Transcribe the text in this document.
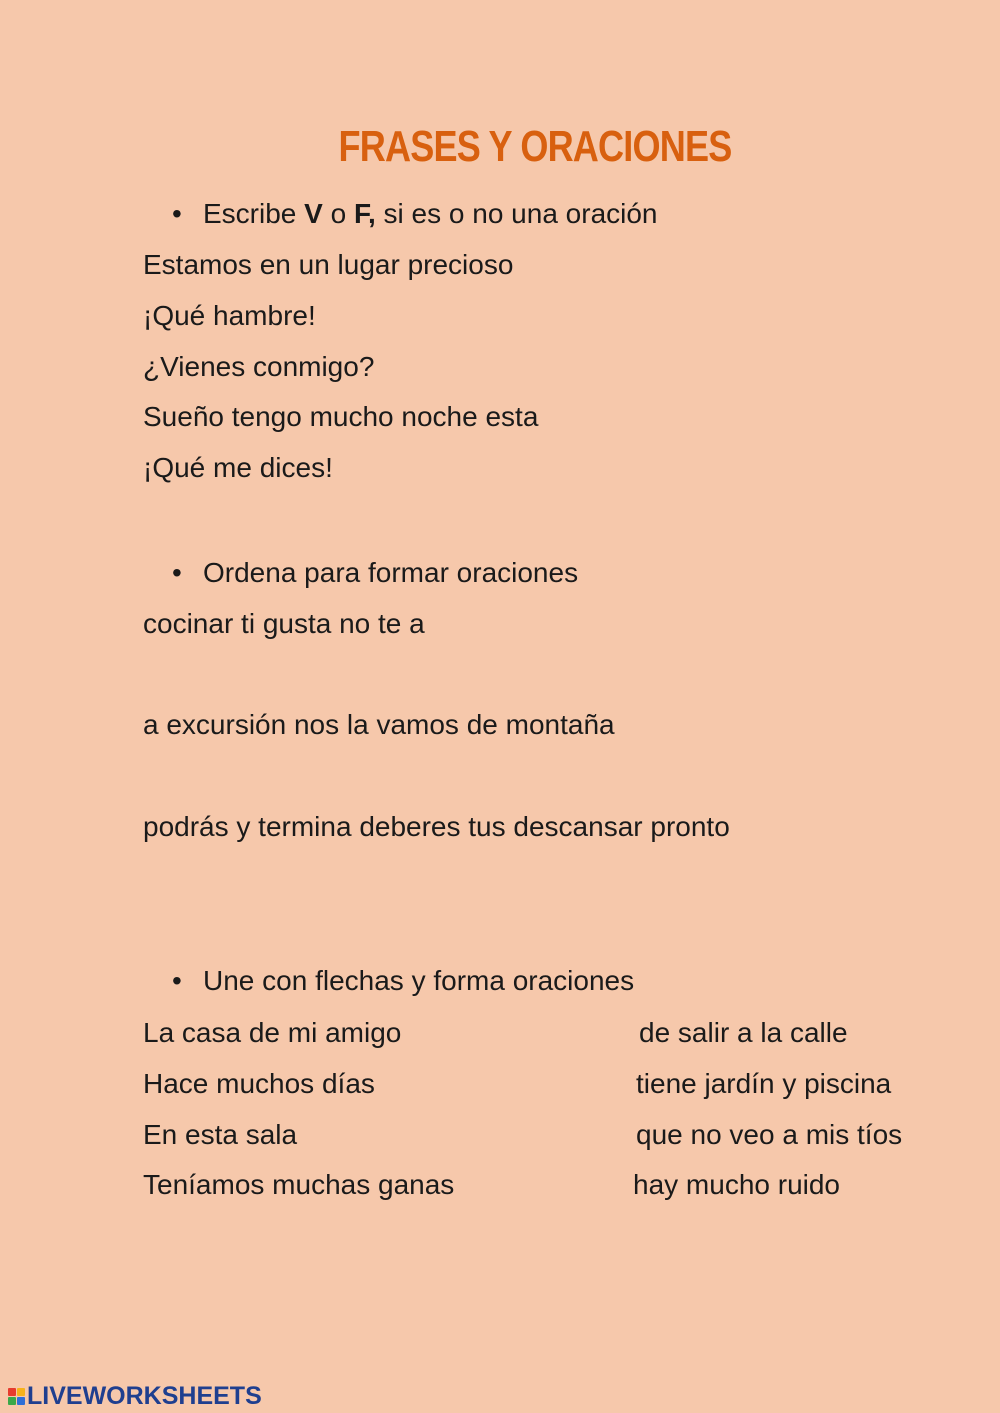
FRASES Y ORACIONES
• Escribe V o F, si es o no una oración
Estamos en un lugar precioso
¡Qué hambre!
¿Vienes conmigo?
Sueño tengo mucho noche esta
¡Qué me dices!
• Ordena para formar oraciones
cocinar ti gusta no te a
a excursión nos la vamos de montaña
podrás y termina deberes tus descansar pronto
• Une con flechas y forma oraciones
La casa de mi amigo
Hace muchos días
En esta sala
Teníamos muchas ganas
de salir a la calle
tiene jardín y piscina
que no veo a mis tíos
hay mucho ruido
LIVEWORKSHEETS
